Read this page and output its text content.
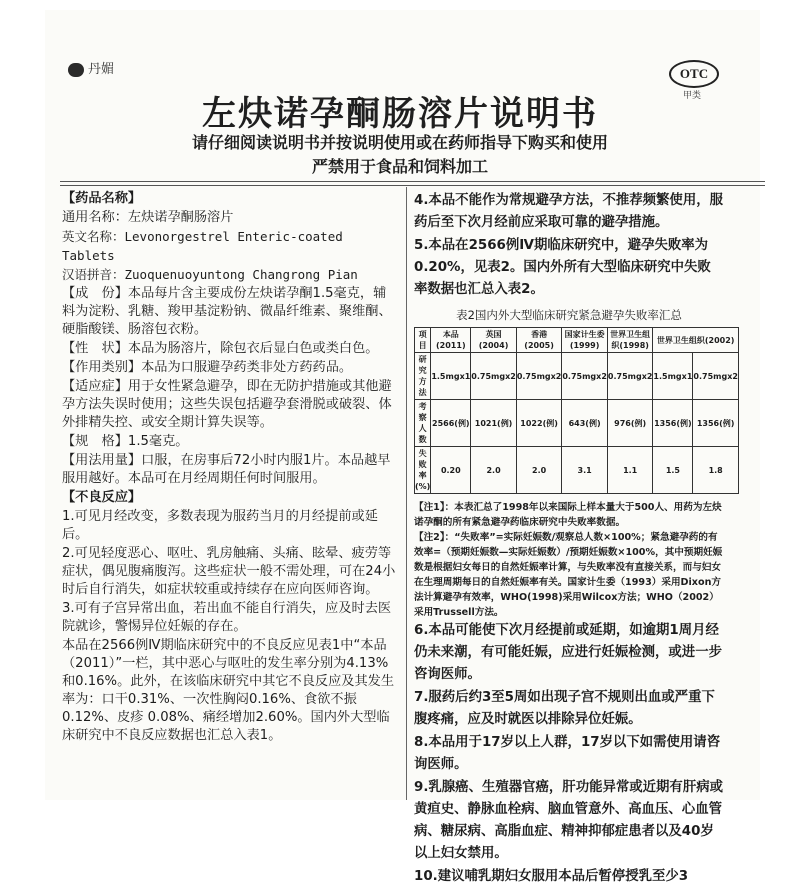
丹媚	OTC
甲类
左炔诺孕酮肠溶片说明书
请仔细阅读说明书并按说明使用或在药师指导下购买和使用
严禁用于食品和饲料加工

【药品名称】

通用名称：左炔诺孕酮肠溶片

英文名称：Levonorgestrel Enteric-coated

Tablets

汉语拼音：Zuoquenuoyuntong Changrong Pian

【成　份】本品每片含主要成份左炔诺孕酮1.5毫克，辅料为淀粉、乳糖、羧甲基淀粉钠、微晶纤维素、聚维酮、硬脂酸镁、肠溶包衣粉。

【性　状】本品为肠溶片，除包衣后显白色或类白色。

【作用类别】本品为口服避孕药类非处方药药品。

【适应症】用于女性紧急避孕，即在无防护措施或其他避孕方法失误时使用；这些失误包括避孕套滑脱或破裂、体外排精失控、或安全期计算失误等。

【规　格】1.5毫克。

【用法用量】口服，在房事后72小时内服1片。本品越早服用越好。本品可在月经周期任何时间服用。

【不良反应】

1.可见月经改变，多数表现为服药当月的月经提前或延后。

2.可见轻度恶心、呕吐、乳房触痛、头痛、眩晕、疲劳等症状，偶见腹痛腹泻。这些症状一般不需处理，可在24小时后自行消失，如症状较重或持续存在应向医师咨询。

3.可有子宫异常出血，若出血不能自行消失，应及时去医院就诊，警惕异位妊娠的存在。

本品在2566例Ⅳ期临床研究中的不良反应见表1中“本品（2011）”一栏，其中恶心与呕吐的发生率分别为4.13%和0.16%。此外，在该临床研究中其它不良反应及其发生率为：口干0.31%、一次性胸闷0.16%、食欲不振0.12%、皮疹 0.08%、痛经增加2.60%。国内外大型临床研究中不良反应数据也汇总入表1。

4.本品不能作为常规避孕方法，不推荐频繁使用，服药后至下次月经前应采取可靠的避孕措施。

5.本品在2566例Ⅳ期临床研究中，避孕失败率为0.20%，见表2。国内外所有大型临床研究中失败率数据也汇总入表2。

表2国内外大型临床研究紧急避孕失败率汇总
项目	本品(2011)	英国(2004)	香港(2005)	国家计生委(1999)	世界卫生组织(1998)	世界卫生组织(2002)	
研究方法	1.5mgx1	0.75mgx2	0.75mgx2	0.75mgx2	0.75mgx2	1.5mgx1	0.75mgx2
考察人数	2566(例)	1021(例)	1022(例)	643(例)	976(例)	1356(例)	1356(例)
失败率(%)	0.20	2.0	2.0	3.1	1.1	1.5	1.8

【注1】：本表汇总了1998年以来国际上样本量大于500人、用药为左炔诺孕酮的所有紧急避孕药临床研究中失败率数据。

【注2】：“失败率”=实际妊娠数/观察总人数×100%；紧急避孕药的有效率=（预期妊娠数—实际妊娠数）/预期妊娠数×100%，其中预期妊娠数是根据妇女每日的自然妊娠率计算，与失败率没有直接关系，而与妇女在生理周期每日的自然妊娠率有关。国家计生委（1993）采用Dixon方法计算避孕有效率，WHO(1998)采用Wilcox方法；WHO（2002）采用Trussell方法。

6.本品可能使下次月经提前或延期，如逾期1周月经仍未来潮，有可能妊娠，应进行妊娠检测，或进一步咨询医师。

7.服药后约3至5周如出现子宫不规则出血或严重下腹疼痛，应及时就医以排除异位妊娠。

8.本品用于17岁以上人群，17岁以下如需使用请咨询医师。

9.乳腺癌、生殖器官癌，肝功能异常或近期有肝病或黄疸史、静脉血栓病、脑血管意外、高血压、心血管病、糖尿病、高脂血症、精神抑郁症患者以及40岁以上妇女禁用。

10.建议哺乳期妇女服用本品后暂停授乳至少3
